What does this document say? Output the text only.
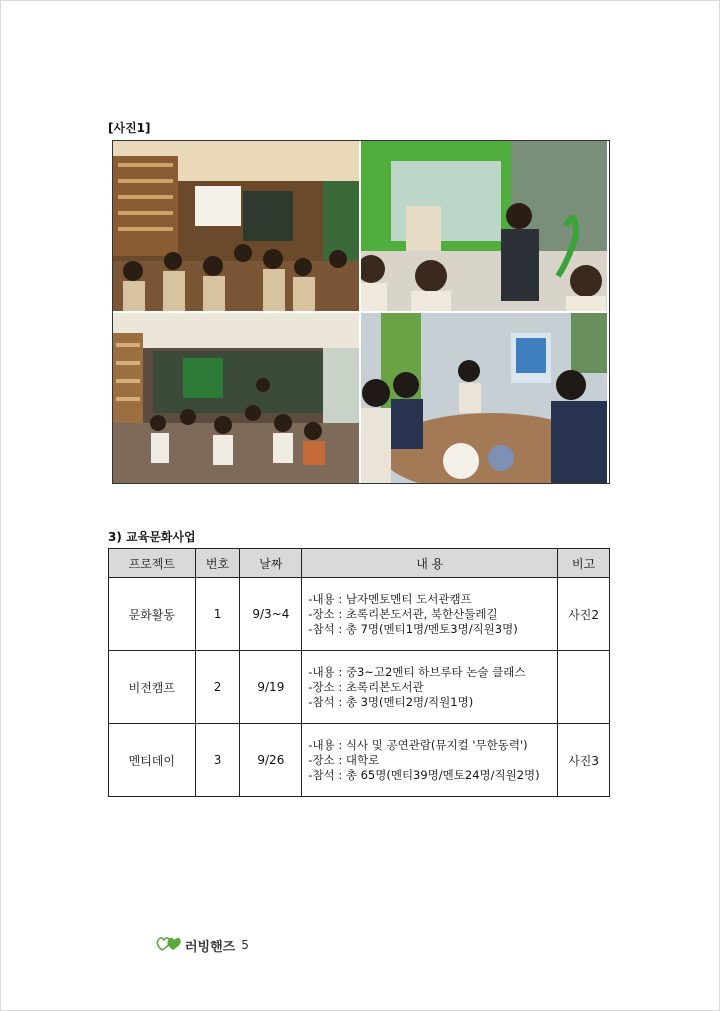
[사진1]
3) 교육문화사업
프로젝트	번호	날짜	내 용	비고
문화활동	1	9/3~4	-내용 : 남자멘토멘티 도서관캠프
-장소 : 초록리본도서관, 북한산둘레길
-참석 : 총 7명(멘티1명/멘토3명/직원3명)	사진2
비전캠프	2	9/19	-내용 : 중3~고2멘티 하브루타 논술 클래스
-장소 : 초록리본도서관
-참석 : 총 3명(멘티2명/직원1명)	

멘티데이	3	9/26	-내용 : 식사 및 공연관람(뮤지컬 '무한동력')
-장소 : 대학로
-참석 : 총 65명(멘티39명/멘토24명/직원2명)	사진3
러빙핸즈 5
